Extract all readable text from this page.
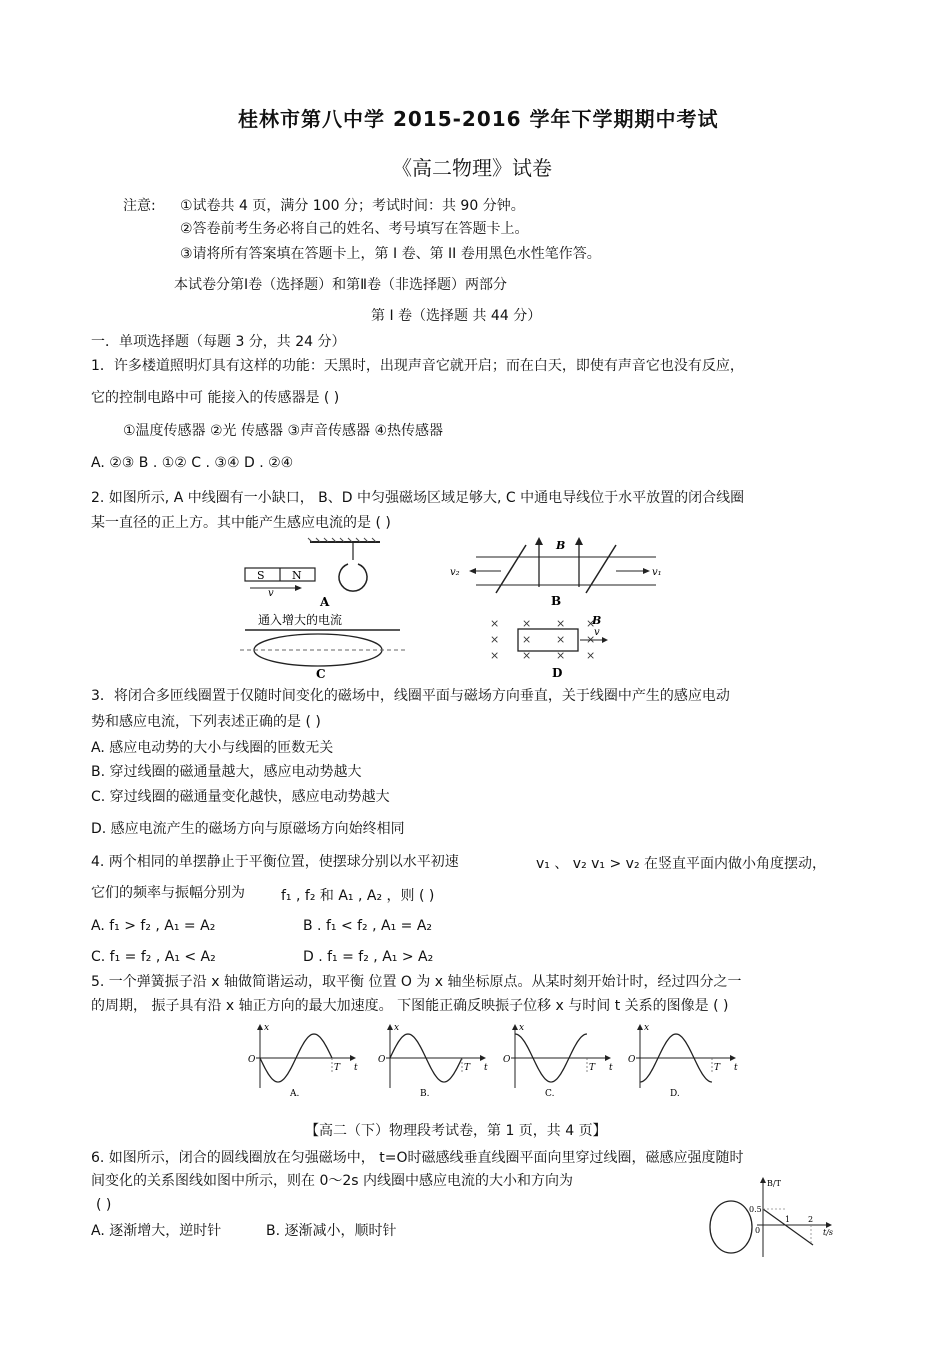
桂林市第八中学 2015-2016 学年下学期期中考试
《高二物理》试卷
注意: ①试卷共 4 页，满分 100 分；考试时间：共 90 分钟。
②答卷前考生务必将自己的姓名、考号填写在答题卡上。
③请将所有答案填在答题卡上，第 I 卷、第 II 卷用黑色水性笔作答。
本试卷分第Ⅰ卷（选择题）和第Ⅱ卷（非选择题）两部分
第 I 卷（选择题 共 44 分）
一．单项选择题（每题 3 分，共 24 分）
1．许多楼道照明灯具有这样的功能：天黑时，出现声音它就开启；而在白天，即使有声音它也没有反应，
它的控制电路中可 能接入的传感器是 ( )
①温度传感器 ②光 传感器 ③声音传感器 ④热传感器
A. ②③ B . ①② C . ③④ D . ②④
2. 如图所示, A 中线圈有一小缺口， B、D 中匀强磁场区域足够大, C 中通电导线位于水平放置的闭合线圈
某一直径的正上方。其中能产生感应电流的是 ( )
S N
v
A
B
v₂	v₁
B
通入增大的电流
C
× × × ×
× × × ×
× × × ×
B
v
D
3．将闭合多匝线圈置于仅随时间变化的磁场中，线圈平面与磁场方向垂直，关于线圈中产生的感应电动
势和感应电流，下列表述正确的是 ( )
A. 感应电动势的大小与线圈的匝数无关
B. 穿过线圈的磁通量越大，感应电动势越大
C. 穿过线圈的磁通量变化越快，感应电动势越大
D. 感应电流产生的磁场方向与原磁场方向始终相同
4. 两个相同的单摆静止于平衡位置，使摆球分别以水平初速	v₁ 、 v₂ v₁ > v₂ 在竖直平面内做小角度摆动，
它们的频率与振幅分别为	f₁ , f₂ 和 A₁ , A₂ ，则 ( )
A. f₁ > f₂ , A₁ = A₂	B . f₁ < f₂ , A₁ = A₂
C. f₁ = f₂ , A₁ < A₂	D . f₁ = f₂ , A₁ > A₂
5. 一个弹簧振子沿 x 轴做简谐运动，取平衡 位置 O 为 x 轴坐标原点。从某时刻开始计时，经过四分之一
的周期， 振子具有沿 x 轴正方向的最大加速度。 下图能正确反映振子位移 x 与时间 t 关系的图像是 ( )
x
O
T t
A.
x
O
T t
B.
x
O
T t
C.
x
O
T t
D.
【高二（下）物理段考试卷，第 1 页，共 4 页】
6. 如图所示，闭合的圆线圈放在匀强磁场中， t=O时磁感线垂直线圈平面向里穿过线圈，磁感应强度随时
间变化的关系图线如图中所示，则在 0～2s 内线圈中感应电流的大小和方向为
( )
A. 逐渐增大，逆时针	B. 逐渐减小，顺时针
B/T
0.5
0
1 2
t/s
